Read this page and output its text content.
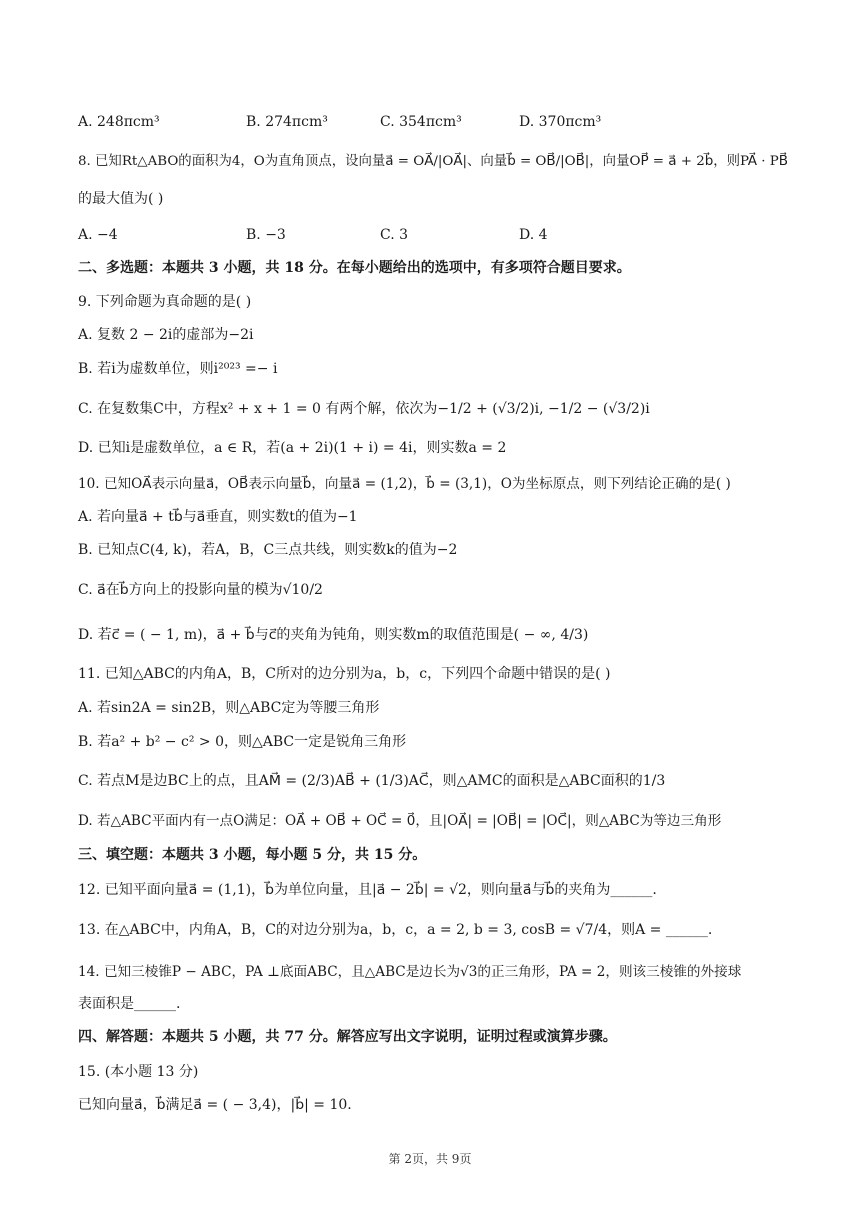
A. 248πcm³	B. 274πcm³	C. 354πcm³	D. 370πcm³
8. 已知Rt△ABO的面积为4，O为直角顶点，设向量a⃗ = OA⃗/|OA⃗|、向量b⃗ = OB⃗/|OB⃗|，向量OP⃗ = a⃗ + 2b⃗，则PA⃗ · PB⃗
的最大值为( )
A. −4	B. −3	C. 3	D. 4
二、多选题：本题共 3 小题，共 18 分。在每小题给出的选项中，有多项符合题目要求。
9. 下列命题为真命题的是( )
A. 复数 2 − 2i的虚部为−2i
B. 若i为虚数单位，则i²⁰²³ =− i
C. 在复数集C中，方程x² + x + 1 = 0 有两个解，依次为−1/2 + (√3/2)i, −1/2 − (√3/2)i
D. 已知i是虚数单位，a ∈ R，若(a + 2i)(1 + i) = 4i，则实数a = 2
10. 已知OA⃗表示向量a⃗，OB⃗表示向量b⃗，向量a⃗ = (1,2)，b⃗ = (3,1)，O为坐标原点，则下列结论正确的是( )
A. 若向量a⃗ + tb⃗与a⃗垂直，则实数t的值为−1
B. 已知点C(4, k)，若A，B，C三点共线，则实数k的值为−2
C. a⃗在b⃗方向上的投影向量的模为√10/2
D. 若c⃗ = ( − 1, m)，a⃗ + b⃗与c⃗的夹角为钝角，则实数m的取值范围是( − ∞, 4/3)
11. 已知△ABC的内角A，B，C所对的边分别为a，b，c，下列四个命题中错误的是( )
A. 若sin2A = sin2B，则△ABC定为等腰三角形
B. 若a² + b² − c² > 0，则△ABC一定是锐角三角形
C. 若点M是边BC上的点，且AM⃗ = (2/3)AB⃗ + (1/3)AC⃗，则△AMC的面积是△ABC面积的1/3
D. 若△ABC平面内有一点O满足：OA⃗ + OB⃗ + OC⃗ = 0⃗，且|OA⃗| = |OB⃗| = |OC⃗|，则△ABC为等边三角形
三、填空题：本题共 3 小题，每小题 5 分，共 15 分。
12. 已知平面向量a⃗ = (1,1)，b⃗为单位向量，且|a⃗ − 2b⃗| = √2，则向量a⃗与b⃗的夹角为______.
13. 在△ABC中，内角A，B，C的对边分别为a，b，c，a = 2, b = 3, cosB = √7/4，则A = ______.
14. 已知三棱锥P − ABC，PA ⊥底面ABC，且△ABC是边长为√3的正三角形，PA = 2，则该三棱锥的外接球
表面积是______.
四、解答题：本题共 5 小题，共 77 分。解答应写出文字说明，证明过程或演算步骤。
15. (本小题 13 分)
已知向量a⃗，b⃗满足a⃗ = ( − 3,4)，|b⃗| = 10.
第 2页，共 9页
